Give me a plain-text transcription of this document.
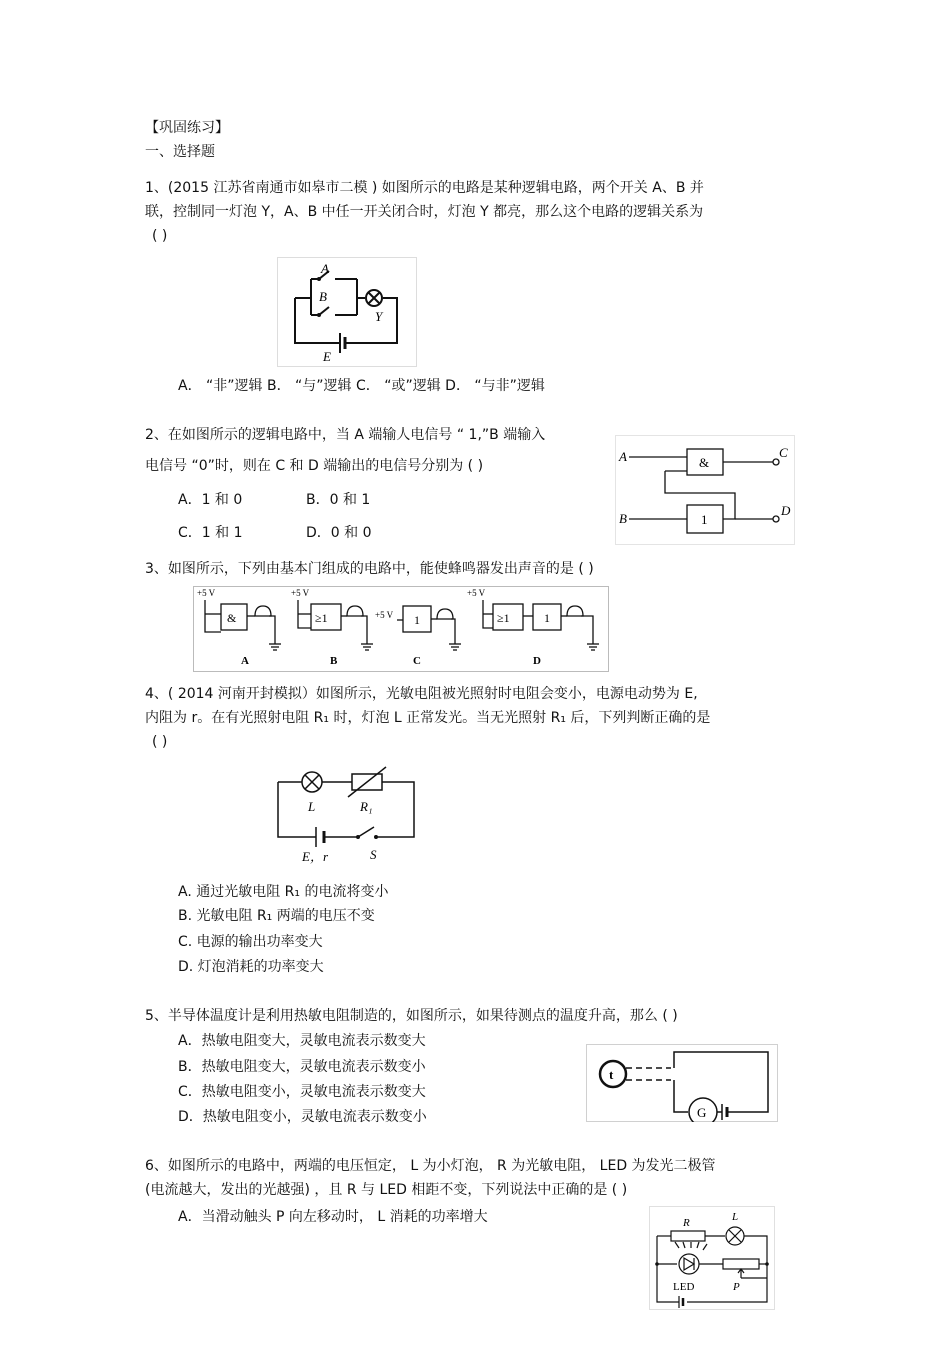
【巩固练习】
一、选择题
1、(2015 江苏省南通市如皋市二模 ) 如图所示的电路是某种逻辑电路，两个开关 A、B 并
联，控制同一灯泡 Y，A、B 中任一开关闭合时，灯泡 Y 都亮，那么这个电路的逻辑关系为
( )
A
B
Y
E
A． “非”逻辑 B． “与”逻辑 C． “或”逻辑 D． “与非”逻辑
2、在如图所示的逻辑电路中，当 A 端输人电信号 “ 1,”B 端输入
电信号 “0”时，则在 C 和 D 端输出的电信号分别为 ( )
A．1 和 0	B．0 和 1
C．1 和 1	D．0 和 0
A
B
C
D
&
1
3、如图所示，下列由基本门组成的电路中，能使蜂鸣器发出声音的是 ( )
+5 V	+5 V
+5 V
+5 V
&	≥1	1	≥1	1
A	B	C	D
4、( 2014 河南开封模拟）如图所示，光敏电阻被光照射时电阻会变小，电源电动势为 E,
内阻为 r。在有光照射电阻 R₁ 时，灯泡 L 正常发光。当无光照射 R₁ 后，下列判断正确的是
( )
L	R₁
E，r	S
A. 通过光敏电阻 R₁ 的电流将变小
B. 光敏电阻 R₁ 两端的电压不变
C. 电源的输出功率变大
D. 灯泡消耗的功率变大
5、半导体温度计是利用热敏电阻制造的，如图所示，如果待测点的温度升高，那么 ( )
A．热敏电阻变大，灵敏电流表示数变大
B．热敏电阻变大，灵敏电流表示数变小
C．热敏电阻变小，灵敏电流表示数变大
D．热敏电阻变小，灵敏电流表示数变小
t
G
6、如图所示的电路中，两端的电压恒定， L 为小灯泡， R 为光敏电阻， LED 为发光二极管
(电流越大，发出的光越强) ，且 R 与 LED 相距不变，下列说法中正确的是 ( )
A．当滑动触头 P 向左移动时， L 消耗的功率增大	R	L
LED	P
